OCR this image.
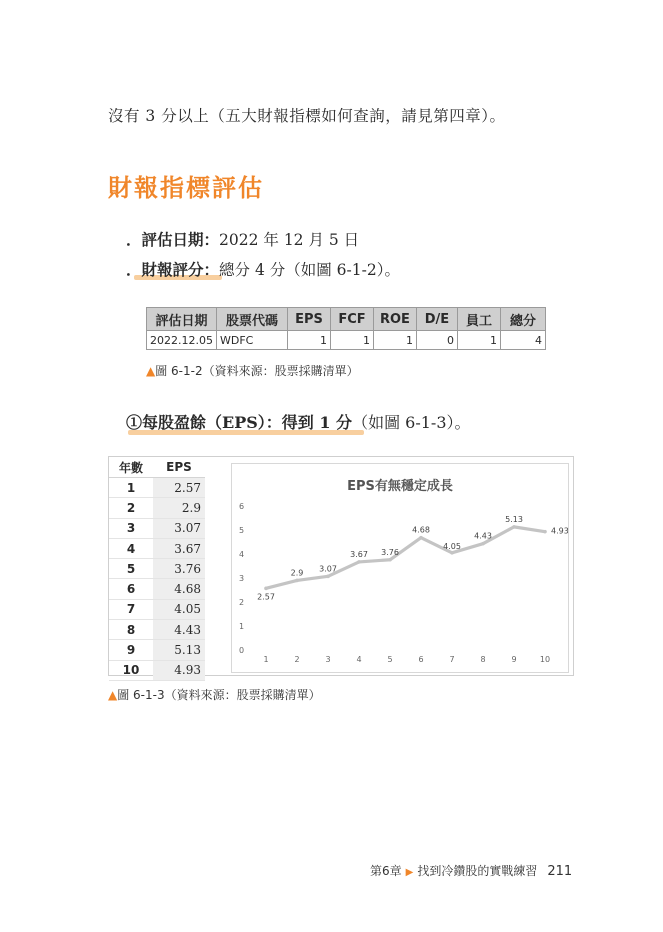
沒有 3 分以上（五大財報指標如何查詢，請見第四章）。
財報指標評估
．評估日期：2022 年 12 月 5 日
．財報評分：總分 4 分（如圖 6-1-2）。
評估日期	股票代碼	EPS	FCF	ROE	D/E	員工	總分
2022.12.05	WDFC	1	1	1	0	1	4
▲圖 6-1-2（資料來源：股票採購清單）
①每股盈餘（EPS）：得到 1 分（如圖 6-1-3）。
年數	EPS
1	2.57
2	2.9
3	3.07
4	3.67
5	3.76
6	4.68
7	4.05
8	4.43
9	5.13
10	4.93
EPS有無穩定成長
0
1
2
3
4
5
6
1	2	3	4	5	6	7	8	9	10
2.57
2.9 3.07
3.67 3.76
4.68
4.05
4.43
5.13
4.93
▲圖 6-1-3（資料來源：股票採購清單）
第6章 ▶ 找到冷鑽股的實戰練習 211
